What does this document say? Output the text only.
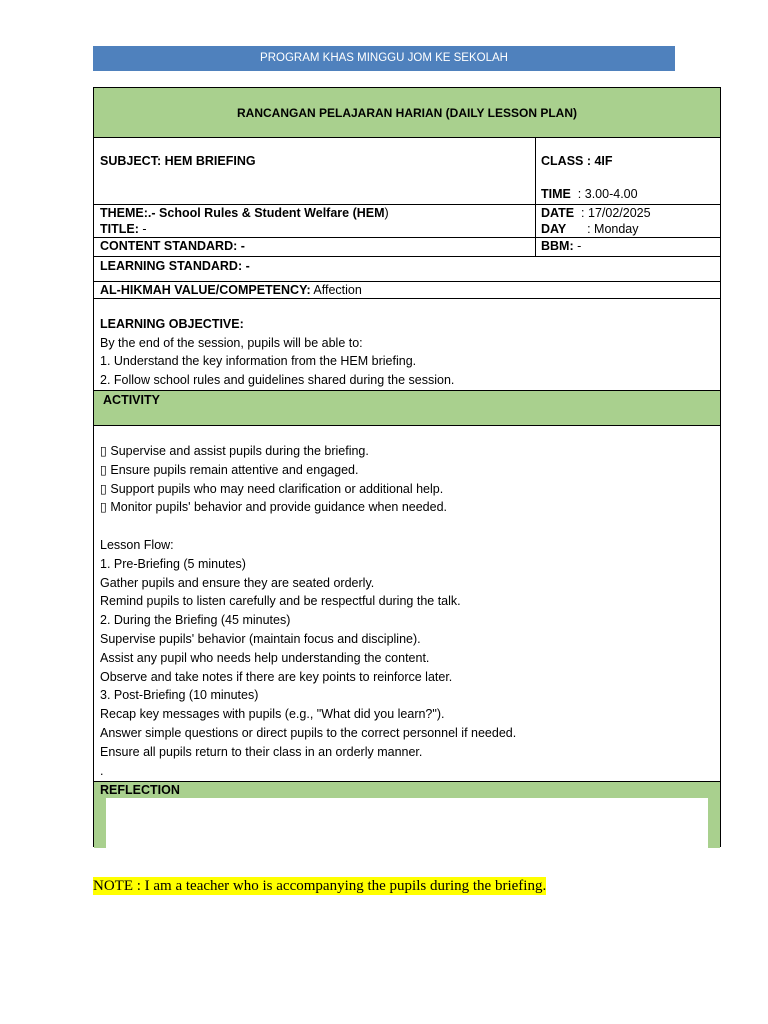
PROGRAM KHAS MINGGU JOM KE SEKOLAH
RANCANGAN PELAJARAN HARIAN (DAILY LESSON PLAN)
SUBJECT: HEM BRIEFING	CLASS : 4IF
TIME  : 3.00-4.00
THEME:.- School Rules & Student Welfare (HEM)
TITLE: -
DATE  : 17/02/2025
DAY      : Monday
CONTENT STANDARD: -	BBM: -
LEARNING STANDARD: -
AL-HIKMAH VALUE/COMPETENCY: Affection
LEARNING OBJECTIVE:
By the end of the session, pupils will be able to:
1. Understand the key information from the HEM briefing.
2. Follow school rules and guidelines shared during the session.
ACTIVITY
▯ Supervise and assist pupils during the briefing.
▯ Ensure pupils remain attentive and engaged.
▯ Support pupils who may need clarification or additional help.
▯ Monitor pupils' behavior and provide guidance when needed.

Lesson Flow:
1. Pre-Briefing (5 minutes)
Gather pupils and ensure they are seated orderly.
Remind pupils to listen carefully and be respectful during the talk.
2. During the Briefing (45 minutes)
Supervise pupils' behavior (maintain focus and discipline).
Assist any pupil who needs help understanding the content.
Observe and take notes if there are key points to reinforce later.
3. Post-Briefing (10 minutes)
Recap key messages with pupils (e.g., "What did you learn?").
Answer simple questions or direct pupils to the correct personnel if needed.
Ensure all pupils return to their class in an orderly manner.
.
REFLECTION
NOTE : I am a teacher who is accompanying the pupils during the briefing.
